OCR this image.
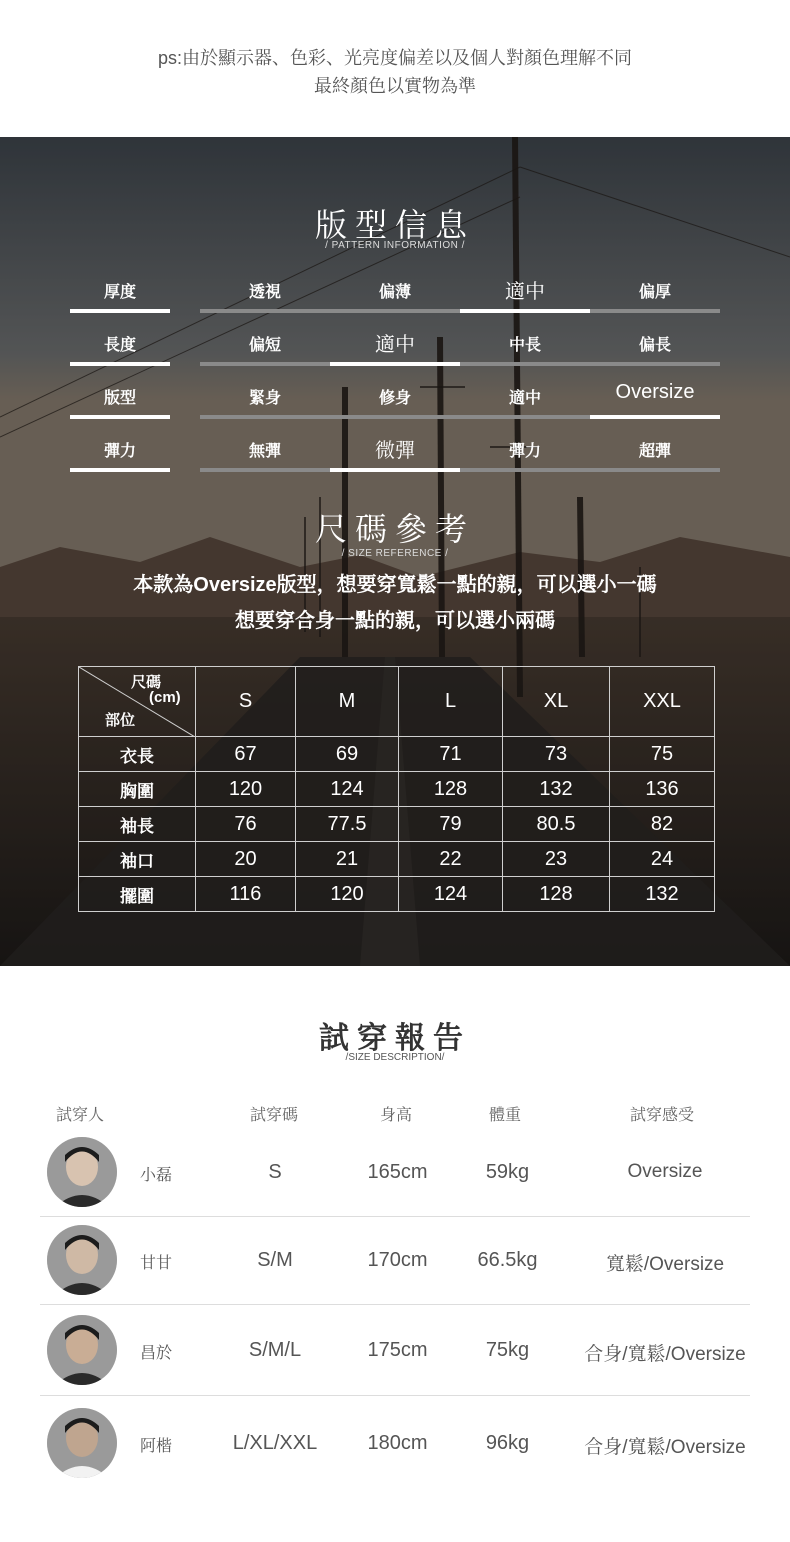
ps:由於顯示器、色彩、光亮度偏差以及個人對顏色理解不同
最終顏色以實物為準
版型信息
/ PATTERN INFORMATION /
厚度	透視	偏薄	適中	偏厚
長度	偏短	適中	中長	偏長
版型	緊身	修身	適中	Oversize
彈力	無彈	微彈	彈力	超彈
尺碼參考
/ SIZE REFERENCE /
本款為Oversize版型，想要穿寬鬆一點的親，可以選小一碼
想要穿合身一點的親，可以選小兩碼
尺碼
(cm)
部位	S	M	L	XL	XXL
衣長	67	69	71	73	75
胸圍	120	124	128	132	136
袖長	76	77.5	79	80.5	82
袖口	20	21	22	23	24
擺圍	116	120	124	128	132
試穿報告
/SIZE DESCRIPTION/
試穿人	試穿碼	身高	體重	試穿感受
小磊	S	165cm	59kg	Oversize
甘甘	S/M	170cm	66.5kg	寬鬆/Oversize
昌於	S/M/L	175cm	75kg	合身/寬鬆/Oversize
阿楷	L/XL/XXL	180cm	96kg	合身/寬鬆/Oversize
